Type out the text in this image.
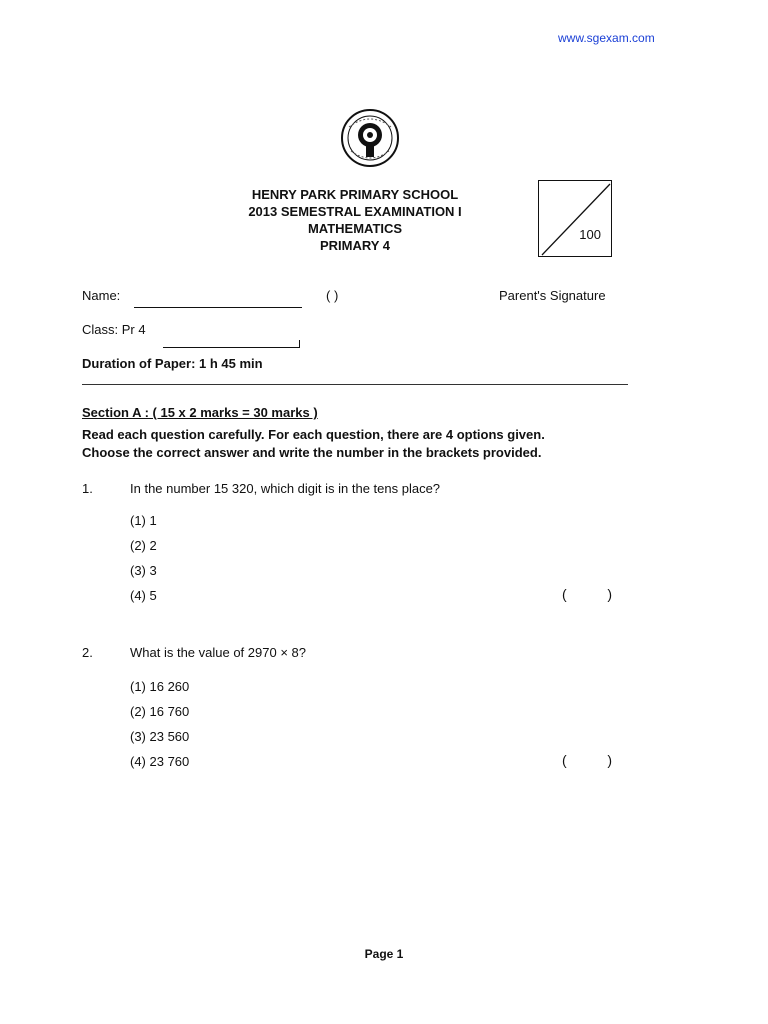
www.sgexam.com
HENRY PARK PRIMARY SCHOOL
2013 SEMESTRAL EXAMINATION I
MATHEMATICS
PRIMARY 4
100
Name:	( )	Parent's Signature
Class: Pr 4
Duration of Paper: 1 h 45 min
Section A : ( 15 x 2 marks = 30 marks )
Read each question carefully. For each question, there are 4 options given.
Choose the correct answer and write the number in the brackets provided.
1.	In the number 15 320, which digit is in the tens place?
(1) 1
(2) 2
(3) 3
(4) 5	(	)
2.	What is the value of 2970 × 8?
(1) 16 260
(2) 16 760
(3) 23 560
(4) 23 760	(	)
Page 1
